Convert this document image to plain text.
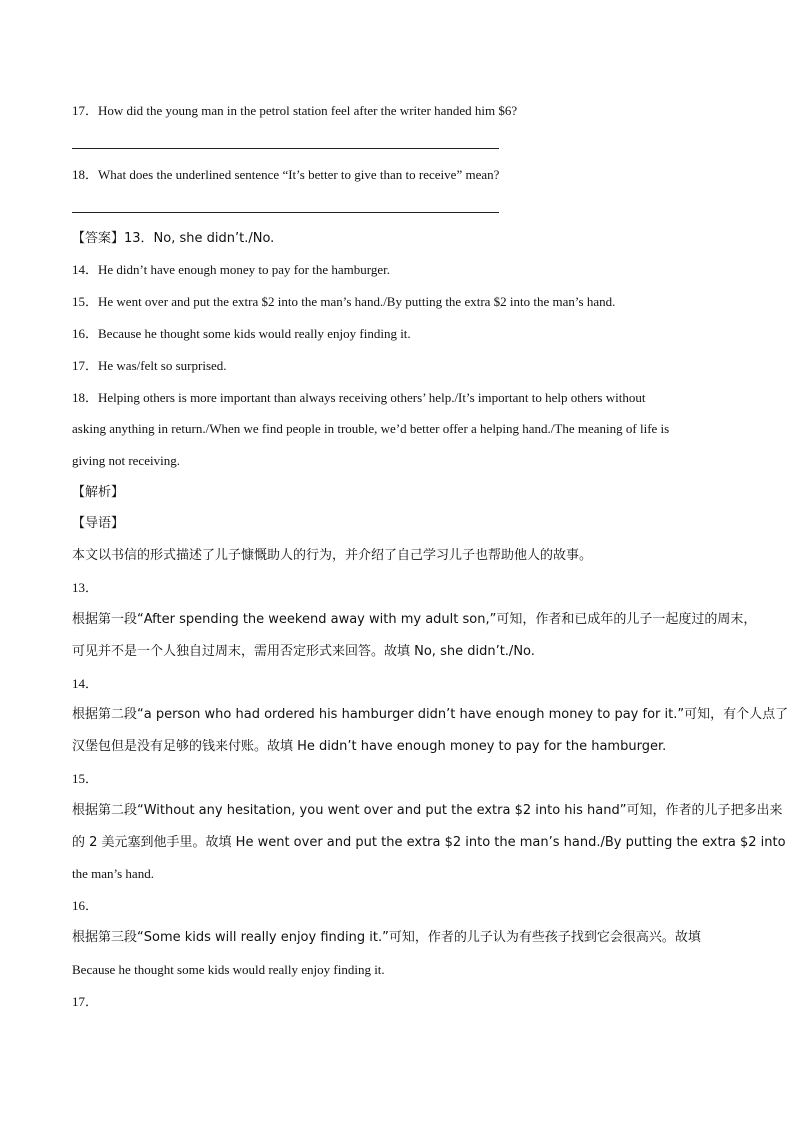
17．How did the young man in the petrol station feel after the writer handed him $6?
18．What does the underlined sentence “It’s better to give than to receive” mean?
【答案】13．No, she didn’t./No.
14．He didn’t have enough money to pay for the hamburger.
15．He went over and put the extra $2 into the man’s hand./By putting the extra $2 into the man’s hand.
16．Because he thought some kids would really enjoy finding it.
17．He was/felt so surprised.
18．Helping others is more important than always receiving others’ help./It’s important to help others without
asking anything in return./When we find people in trouble, we’d better offer a helping hand./The meaning of life is
giving not receiving.
【解析】
【导语】
本文以书信的形式描述了儿子慷慨助人的行为，并介绍了自己学习儿子也帮助他人的故事。
13．
根据第一段“After spending the weekend away with my adult son,”可知，作者和已成年的儿子一起度过的周末，
可见并不是一个人独自过周末，需用否定形式来回答。故填 No, she didn’t./No.
14．
根据第二段“a person who had ordered his hamburger didn’t have enough money to pay for it.”可知，有个人点了
汉堡包但是没有足够的钱来付账。故填 He didn’t have enough money to pay for the hamburger.
15．
根据第二段“Without any hesitation, you went over and put the extra $2 into his hand”可知，作者的儿子把多出来
的 2 美元塞到他手里。故填 He went over and put the extra $2 into the man’s hand./By putting the extra $2 into
the man’s hand.
16．
根据第三段“Some kids will really enjoy finding it.”可知，作者的儿子认为有些孩子找到它会很高兴。故填
Because he thought some kids would really enjoy finding it.
17．
